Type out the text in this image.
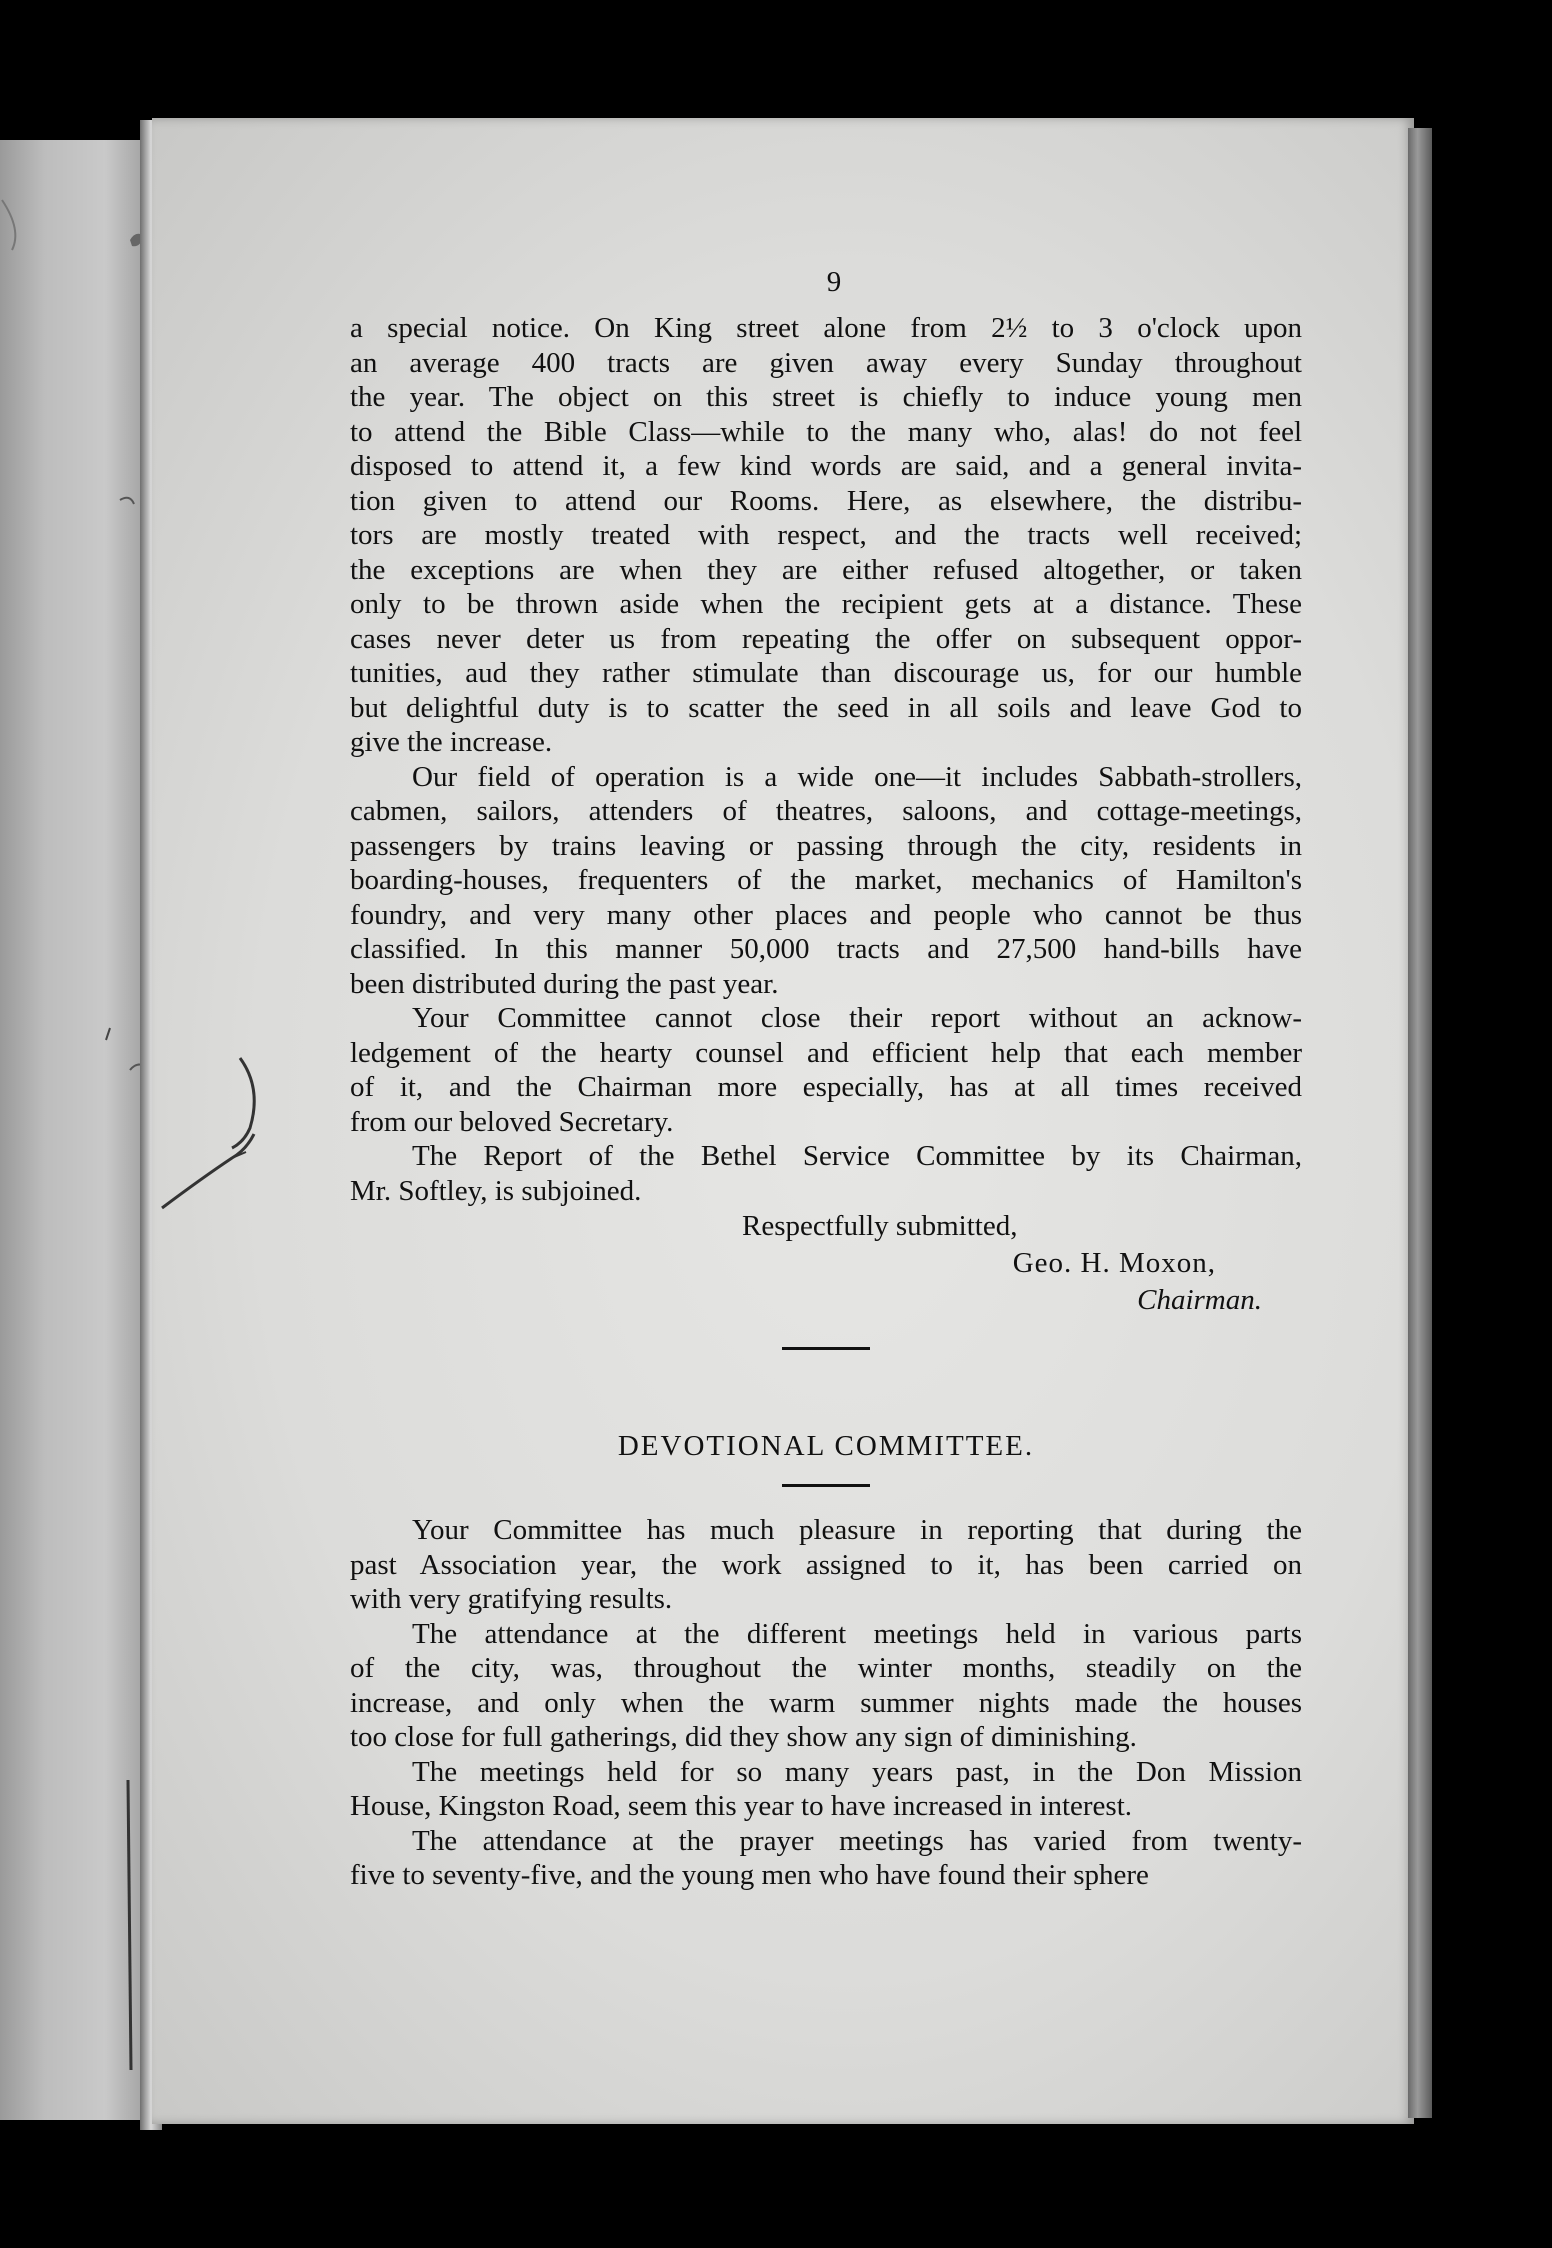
9
a special notice. On King street alone from 2½ to 3 o'clock upon
an average 400 tracts are given away every Sunday throughout
the year. The object on this street is chiefly to induce young men
to attend the Bible Class—while to the many who, alas! do not feel
disposed to attend it, a few kind words are said, and a general invita-
tion given to attend our Rooms. Here, as elsewhere, the distribu-
tors are mostly treated with respect, and the tracts well received;
the exceptions are when they are either refused altogether, or taken
only to be thrown aside when the recipient gets at a distance. These
cases never deter us from repeating the offer on subsequent oppor-
tunities, aud they rather stimulate than discourage us, for our humble
but delightful duty is to scatter the seed in all soils and leave God to
give the increase.
Our field of operation is a wide one—it includes Sabbath-strollers,
cabmen, sailors, attenders of theatres, saloons, and cottage-meetings,
passengers by trains leaving or passing through the city, residents in
boarding-houses, frequenters of the market, mechanics of Hamilton's
foundry, and very many other places and people who cannot be thus
classified. In this manner 50,000 tracts and 27,500 hand-bills have
been distributed during the past year.
Your Committee cannot close their report without an acknow-
ledgement of the hearty counsel and efficient help that each member
of it, and the Chairman more especially, has at all times received
from our beloved Secretary.
The Report of the Bethel Service Committee by its Chairman,
Mr. Softley, is subjoined.

Respectfully submitted,

Geo. H. Moxon,

Chairman.

DEVOTIONAL COMMITTEE.
Your Committee has much pleasure in reporting that during the
past Association year, the work assigned to it, has been carried on
with very gratifying results.
The attendance at the different meetings held in various parts
of the city, was, throughout the winter months, steadily on the
increase, and only when the warm summer nights made the houses
too close for full gatherings, did they show any sign of diminishing.
The meetings held for so many years past, in the Don Mission
House, Kingston Road, seem this year to have increased in interest.
The attendance at the prayer meetings has varied from twenty-
five to seventy-five, and the young men who have found their sphere
